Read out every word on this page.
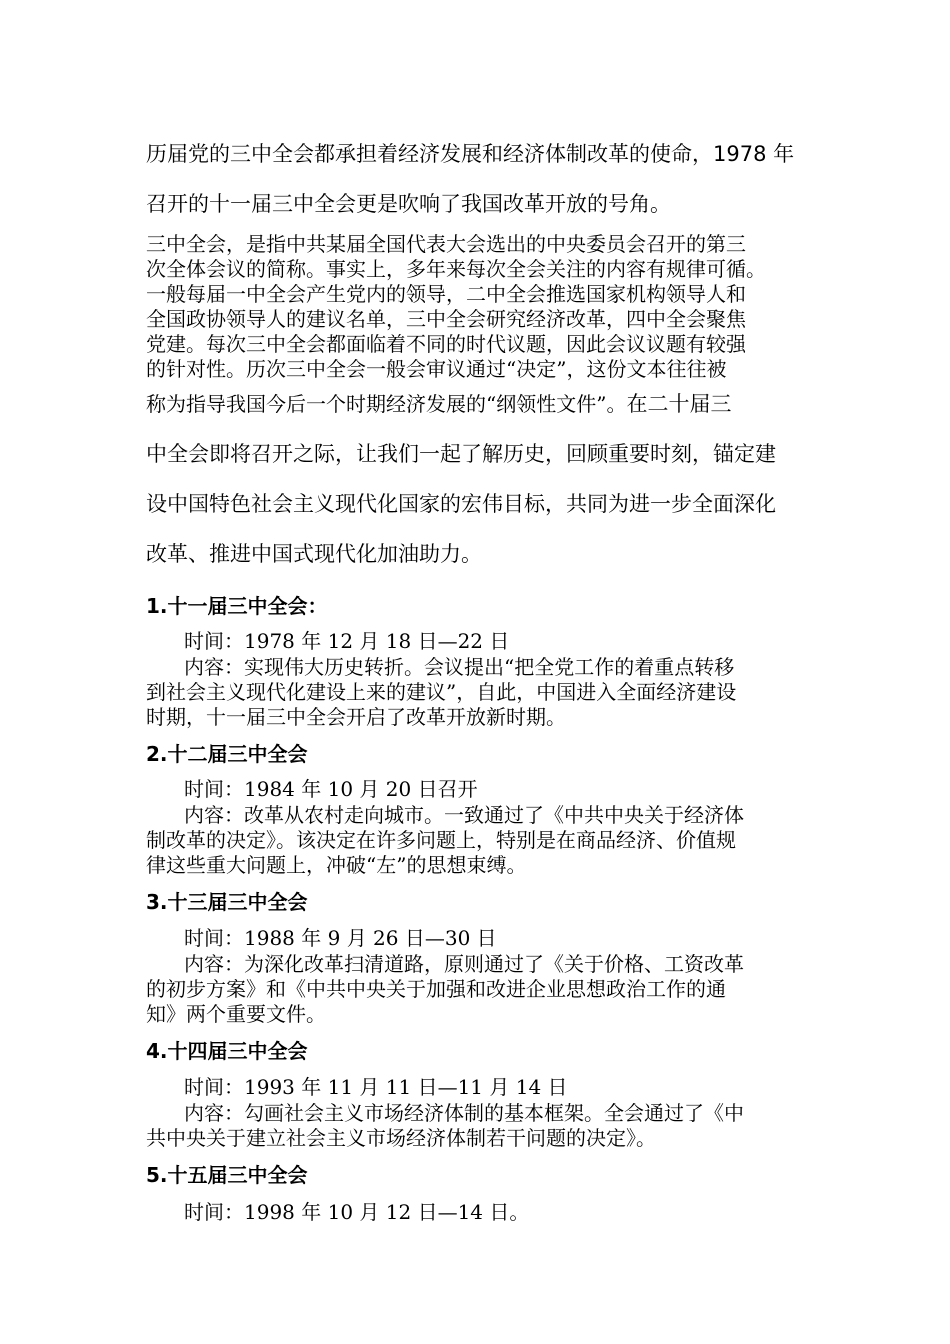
历届党的三中全会都承担着经济发展和经济体制改革的使命，1978 年
召开的十一届三中全会更是吹响了我国改革开放的号角。
三中全会，是指中共某届全国代表大会选出的中央委员会召开的第三
次全体会议的简称。事实上，多年来每次全会关注的内容有规律可循。
一般每届一中全会产生党内的领导，二中全会推选国家机构领导人和
全国政协领导人的建议名单，三中全会研究经济改革，四中全会聚焦
党建。每次三中全会都面临着不同的时代议题，因此会议议题有较强
的针对性。历次三中全会一般会审议通过“决定”，这份文本往往被
称为指导我国今后一个时期经济发展的“纲领性文件”。在二十届三
中全会即将召开之际，让我们一起了解历史，回顾重要时刻，锚定建
设中国特色社会主义现代化国家的宏伟目标，共同为进一步全面深化
改革、推进中国式现代化加油助力。
1.十一届三中全会：
时间：1978 年 12 月 18 日—22 日
内容：实现伟大历史转折。会议提出“把全党工作的着重点转移
到社会主义现代化建设上来的建议”，自此，中国进入全面经济建设
时期，十一届三中全会开启了改革开放新时期。
2.十二届三中全会
时间：1984 年 10 月 20 日召开
内容：改革从农村走向城市。一致通过了《中共中央关于经济体
制改革的决定》。该决定在许多问题上，特别是在商品经济、价值规
律这些重大问题上，冲破“左”的思想束缚。
3.十三届三中全会
时间：1988 年 9 月 26 日—30 日
内容：为深化改革扫清道路，原则通过了《关于价格、工资改革
的初步方案》和《中共中央关于加强和改进企业思想政治工作的通
知》两个重要文件。
4.十四届三中全会
时间：1993 年 11 月 11 日—11 月 14 日
内容：勾画社会主义市场经济体制的基本框架。全会通过了《中
共中央关于建立社会主义市场经济体制若干问题的决定》。
5.十五届三中全会
时间：1998 年 10 月 12 日—14 日。
